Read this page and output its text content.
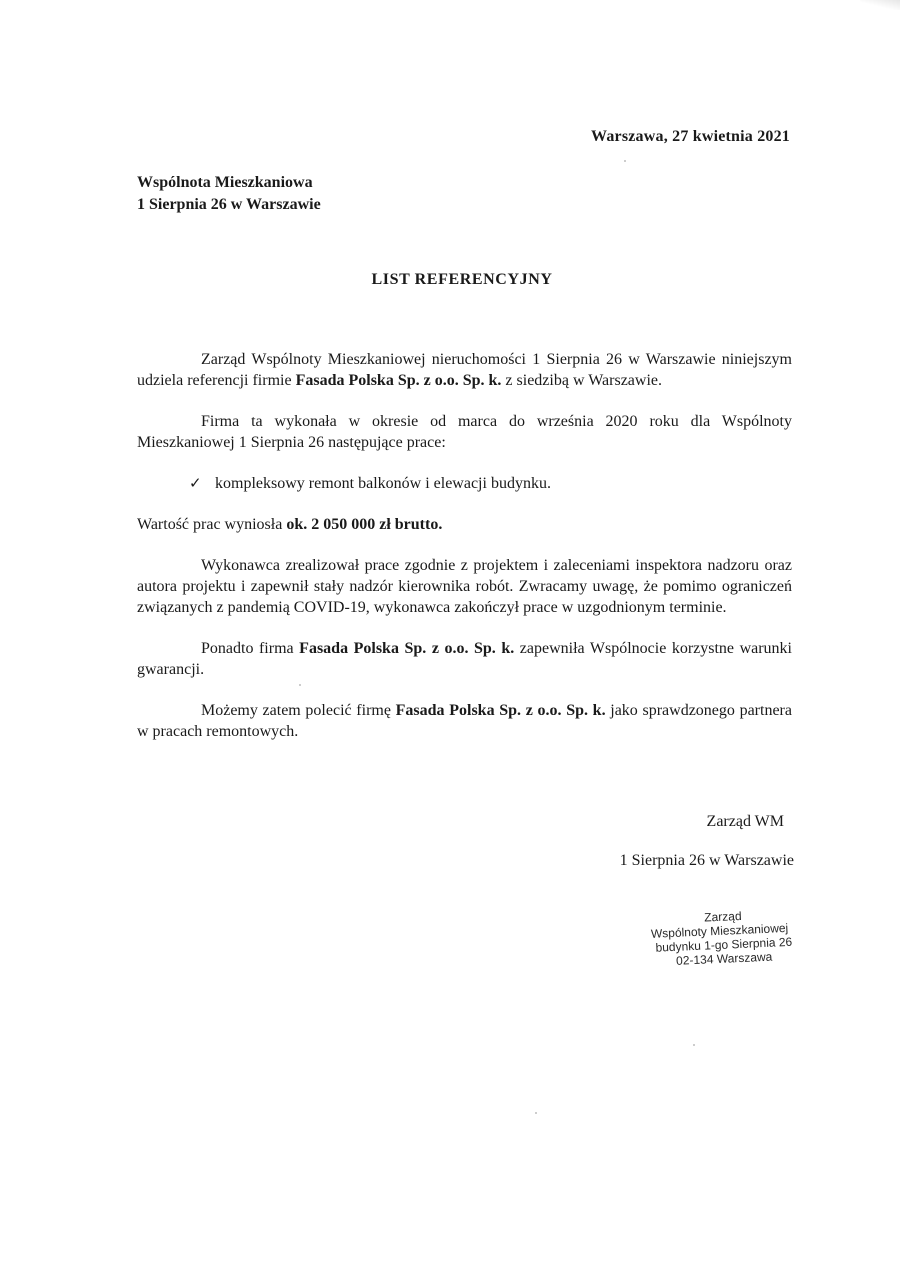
Warszawa, 27 kwietnia 2021
Wspólnota Mieszkaniowa
1 Sierpnia 26 w Warszawie
LIST REFERENCYJNY

Zarząd Wspólnoty Mieszkaniowej nieruchomości 1 Sierpnia 26 w Warszawie niniejszym udziela referencji firmie Fasada Polska Sp. z o.o. Sp. k. z siedzibą w Warszawie.

Firma ta wykonała w okresie od marca do września 2020 roku dla Wspólnoty Mieszkaniowej 1 Sierpnia 26 następujące prace:

✓ kompleksowy remont balkonów i elewacji budynku.

Wartość prac wyniosła ok. 2 050 000 zł brutto.

Wykonawca zrealizował prace zgodnie z projektem i zaleceniami inspektora nadzoru oraz autora projektu i zapewnił stały nadzór kierownika robót. Zwracamy uwagę, że pomimo ograniczeń związanych z pandemią COVID-19, wykonawca zakończył prace w uzgodnionym terminie.

Ponadto firma Fasada Polska Sp. z o.o. Sp. k. zapewniła Wspólnocie korzystne warunki gwarancji.

Możemy zatem polecić firmę Fasada Polska Sp. z o.o. Sp. k. jako sprawdzonego partnera w pracach remontowych.

Zarząd WM
1 Sierpnia 26 w Warszawie
Zarząd
Wspólnoty Mieszkaniowej
budynku 1-go Sierpnia 26
02-134 Warszawa
